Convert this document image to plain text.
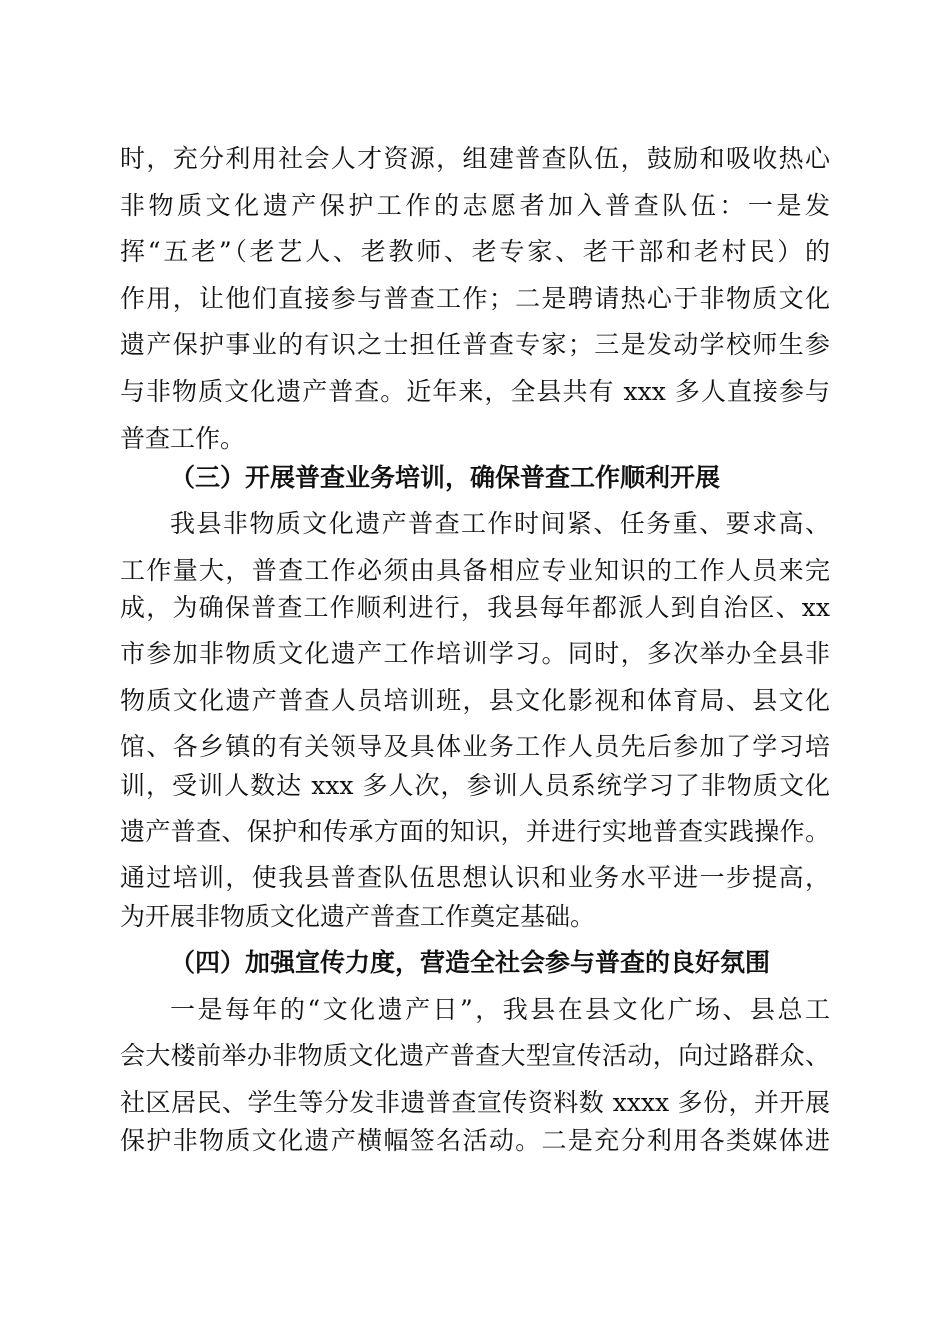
时，充分利用社会人才资源，组建普查队伍，鼓励和吸收热心
非物质文化遗产保护工作的志愿者加入普查队伍：一是发
挥“五老”（老艺人、老教师、老专家、老干部和老村民）的
作用，让他们直接参与普查工作；二是聘请热心于非物质文化
遗产保护事业的有识之士担任普查专家；三是发动学校师生参
与非物质文化遗产普查。近年来，全县共有 xxx 多人直接参与
普查工作。
（三）开展普查业务培训，确保普查工作顺利开展
我县非物质文化遗产普查工作时间紧、任务重、要求高、
工作量大，普查工作必须由具备相应专业知识的工作人员来完
成，为确保普查工作顺利进行，我县每年都派人到自治区、xx
市参加非物质文化遗产工作培训学习。同时，多次举办全县非
物质文化遗产普查人员培训班，县文化影视和体育局、县文化
馆、各乡镇的有关领导及具体业务工作人员先后参加了学习培
训，受训人数达 xxx 多人次，参训人员系统学习了非物质文化
遗产普查、保护和传承方面的知识，并进行实地普查实践操作。
通过培训，使我县普查队伍思想认识和业务水平进一步提高，
为开展非物质文化遗产普查工作奠定基础。
（四）加强宣传力度，营造全社会参与普查的良好氛围
一是每年的“文化遗产日”，我县在县文化广场、县总工
会大楼前举办非物质文化遗产普查大型宣传活动，向过路群众、
社区居民、学生等分发非遗普查宣传资料数 xxxx 多份，并开展
保护非物质文化遗产横幅签名活动。二是充分利用各类媒体进
